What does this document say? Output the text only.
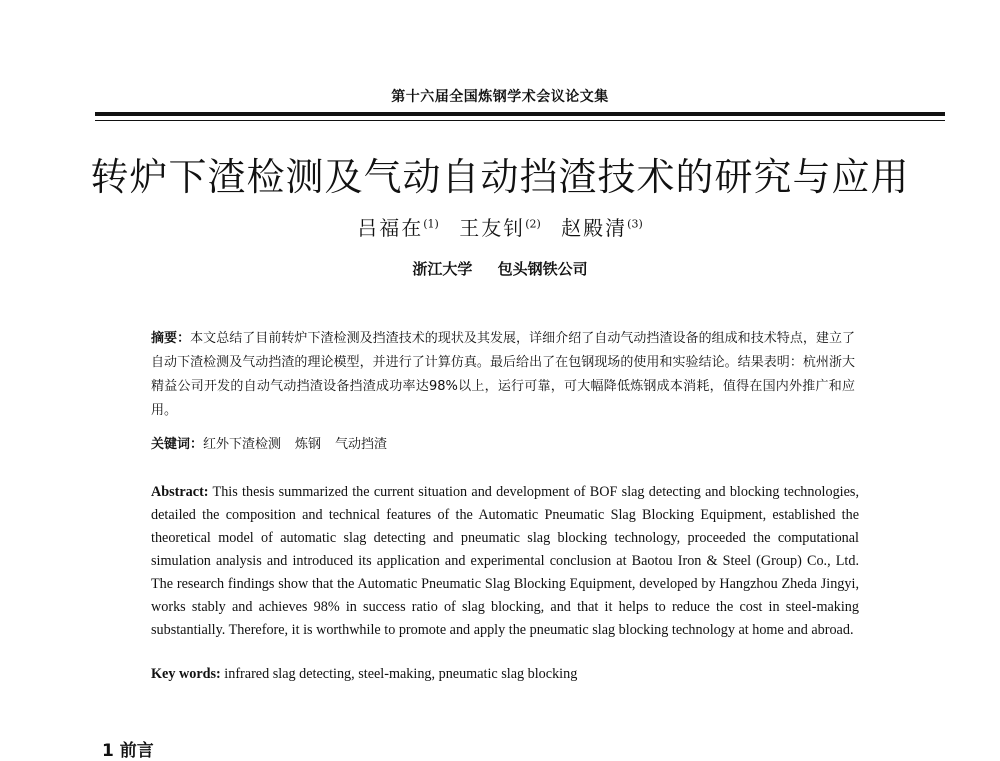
第十六届全国炼钢学术会议论文集
转炉下渣检测及气动自动挡渣技术的研究与应用
吕福在$^{(1)}$ 王友钊$^{(2)}$ 赵殿清$^{(3)}$
浙江大学 包头钢铁公司
摘要：本文总结了目前转炉下渣检测及挡渣技术的现状及其发展，详细介绍了自动气动挡渣设备的组成和技术特点，建立了自动下渣检测及气动挡渣的理论模型，并进行了计算仿真。最后给出了在包钢现场的使用和实验结论。结果表明：杭州浙大精益公司开发的自动气动挡渣设备挡渣成功率达98%以上，运行可靠，可大幅降低炼钢成本消耗，值得在国内外推广和应用。
关键词：红外下渣检测 炼钢 气动挡渣
Abstract: This thesis summarized the current situation and development of BOF slag detecting and blocking technologies, detailed the composition and technical features of the Automatic Pneumatic Slag Blocking Equipment, established the theoretical model of automatic slag detecting and pneumatic slag blocking technology, proceeded the computational simulation analysis and introduced its application and experimental conclusion at Baotou Iron & Steel (Group) Co., Ltd. The research findings show that the Automatic Pneumatic Slag Blocking Equipment, developed by Hangzhou Zheda Jingyi, works stably and achieves 98% in success ratio of slag blocking, and that it helps to reduce the cost in steel-making substantially. Therefore, it is worthwhile to promote and apply the pneumatic slag blocking technology at home and abroad.
Key words: infrared slag detecting, steel-making, pneumatic slag blocking
1 前言
